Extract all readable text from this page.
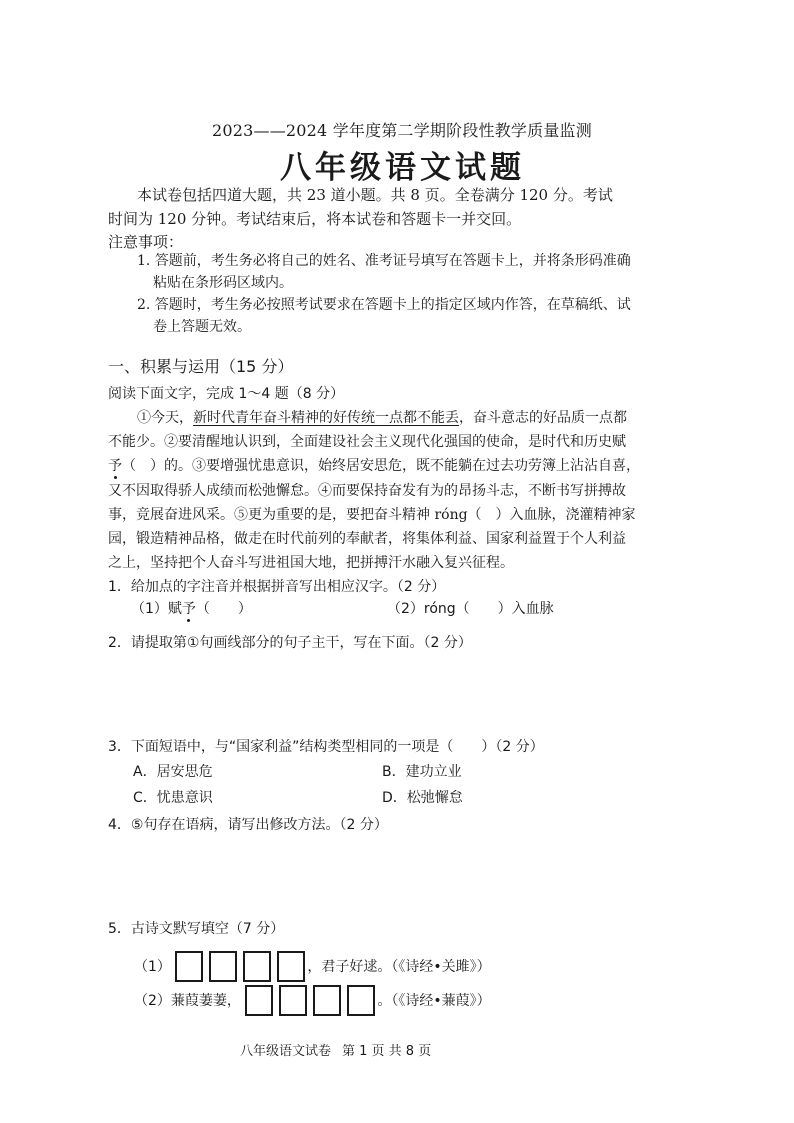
2023——2024 学年度第二学期阶段性教学质量监测
八年级语文试题
本试卷包括四道大题，共 23 道小题。共 8 页。全卷满分 120 分。考试
时间为 120 分钟。考试结束后，将本试卷和答题卡一并交回。
注意事项：
1. 答题前，考生务必将自己的姓名、准考证号填写在答题卡上，并将条形码准确
粘贴在条形码区域内。
2. 答题时，考生务必按照考试要求在答题卡上的指定区域内作答，在草稿纸、试
卷上答题无效。
一、积累与运用（15 分）
阅读下面文字，完成 1～4 题（8 分）
①今天，新时代青年奋斗精神的好传统一点都不能丢，奋斗意志的好品质一点都
不能少。②要清醒地认识到，全面建设社会主义现代化强国的使命，是时代和历史赋
予（　）的。③要增强忧患意识，始终居安思危，既不能躺在过去功劳簿上沾沾自喜，
又不因取得骄人成绩而松弛懈怠。④而要保持奋发有为的昂扬斗志，不断书写拼搏故
事，竞展奋进风采。⑤更为重要的是，要把奋斗精神 róng（　）入血脉，浇灌精神家
园，锻造精神品格，做走在时代前列的奉献者，将集体利益、国家利益置于个人利益
之上，坚持把个人奋斗写进祖国大地，把拼搏汗水融入复兴征程。
1．给加点的字注音并根据拼音写出相应汉字。（2 分）
（1）赋予（　　）	（2）róng（　　）入血脉
2．请提取第①句画线部分的句子主干，写在下面。（2 分）
3．下面短语中，与“国家利益”结构类型相同的一项是（　　）（2 分）
A．居安思危	B．建功立业
C．忧患意识	D．松弛懈怠
4．⑤句存在语病，请写出修改方法。（2 分）
5．古诗文默写填空（7 分）
（1）	，君子好逑。（《诗经•关雎》）
（2）蒹葭萋萋，	。（《诗经•蒹葭》）
八年级语文试卷 第 1 页 共 8 页
